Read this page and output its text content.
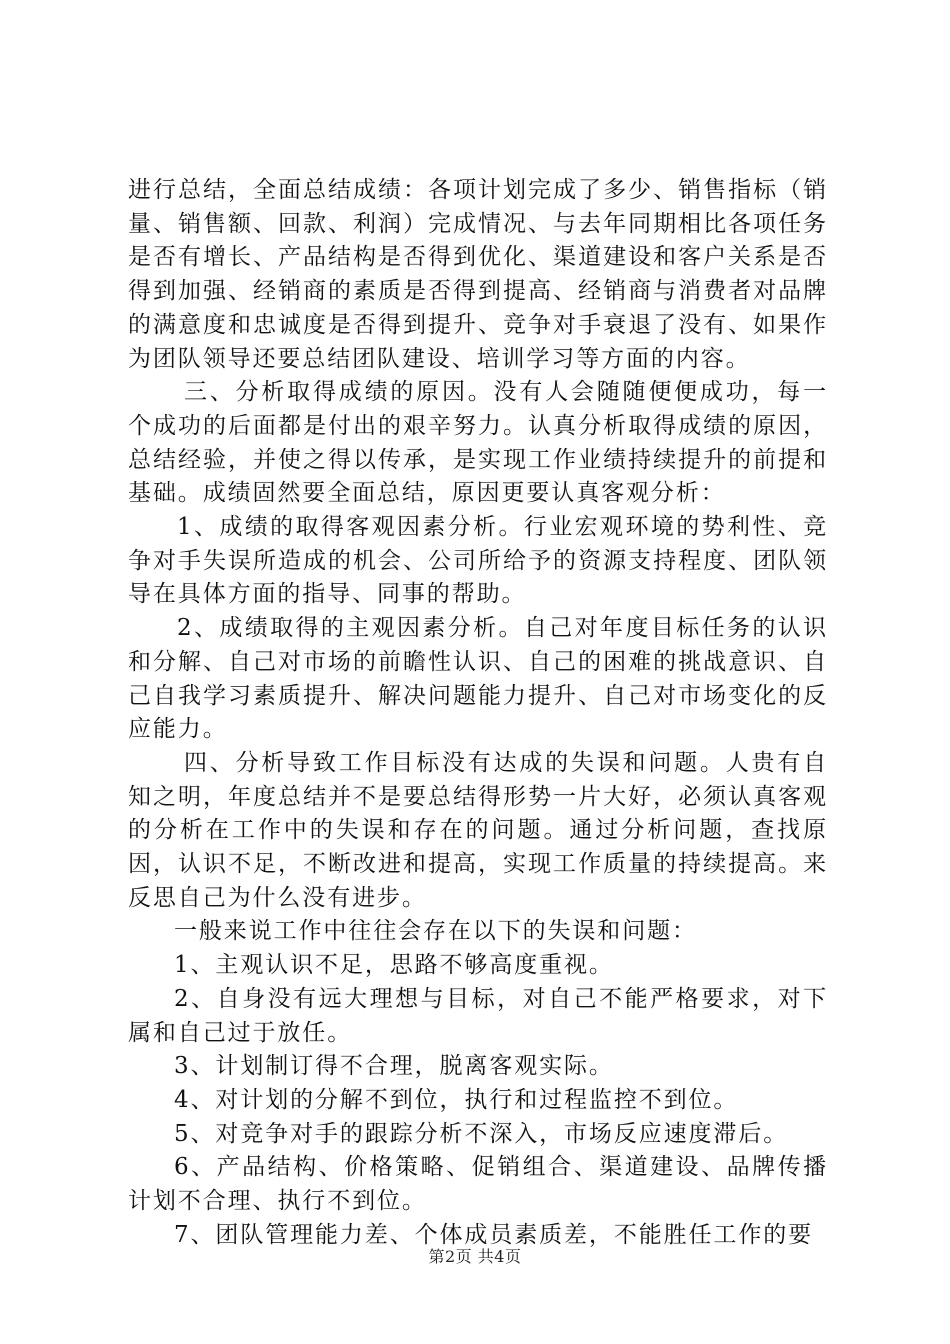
进行总结，全面总结成绩：各项计划完成了多少、销售指标（销量、销售额、回款、利润）完成情况、与去年同期相比各项任务是否有增长、产品结构是否得到优化、渠道建设和客户关系是否得到加强、经销商的素质是否得到提高、经销商与消费者对品牌的满意度和忠诚度是否得到提升、竞争对手衰退了没有、如果作为团队领导还要总结团队建设、培训学习等方面的内容。

三、分析取得成绩的原因。没有人会随随便便成功，每一个成功的后面都是付出的艰辛努力。认真分析取得成绩的原因，总结经验，并使之得以传承，是实现工作业绩持续提升的前提和基础。成绩固然要全面总结，原因更要认真客观分析：

1、成绩的取得客观因素分析。行业宏观环境的势利性、竞争对手失误所造成的机会、公司所给予的资源支持程度、团队领导在具体方面的指导、同事的帮助。

2、成绩取得的主观因素分析。自己对年度目标任务的认识和分解、自己对市场的前瞻性认识、自己的困难的挑战意识、自己自我学习素质提升、解决问题能力提升、自己对市场变化的反应能力。

四、分析导致工作目标没有达成的失误和问题。人贵有自知之明，年度总结并不是要总结得形势一片大好，必须认真客观的分析在工作中的失误和存在的问题。通过分析问题，查找原因，认识不足，不断改进和提高，实现工作质量的持续提高。来反思自己为什么没有进步。

一般来说工作中往往会存在以下的失误和问题：

1、主观认识不足，思路不够高度重视。

2、自身没有远大理想与目标，对自己不能严格要求，对下属和自己过于放任。

3、计划制订得不合理，脱离客观实际。

4、对计划的分解不到位，执行和过程监控不到位。

5、对竞争对手的跟踪分析不深入，市场反应速度滞后。

6、产品结构、价格策略、促销组合、渠道建设、品牌传播计划不合理、执行不到位。

7、团队管理能力差、个体成员素质差，不能胜任工作的要

第2页 共4页
